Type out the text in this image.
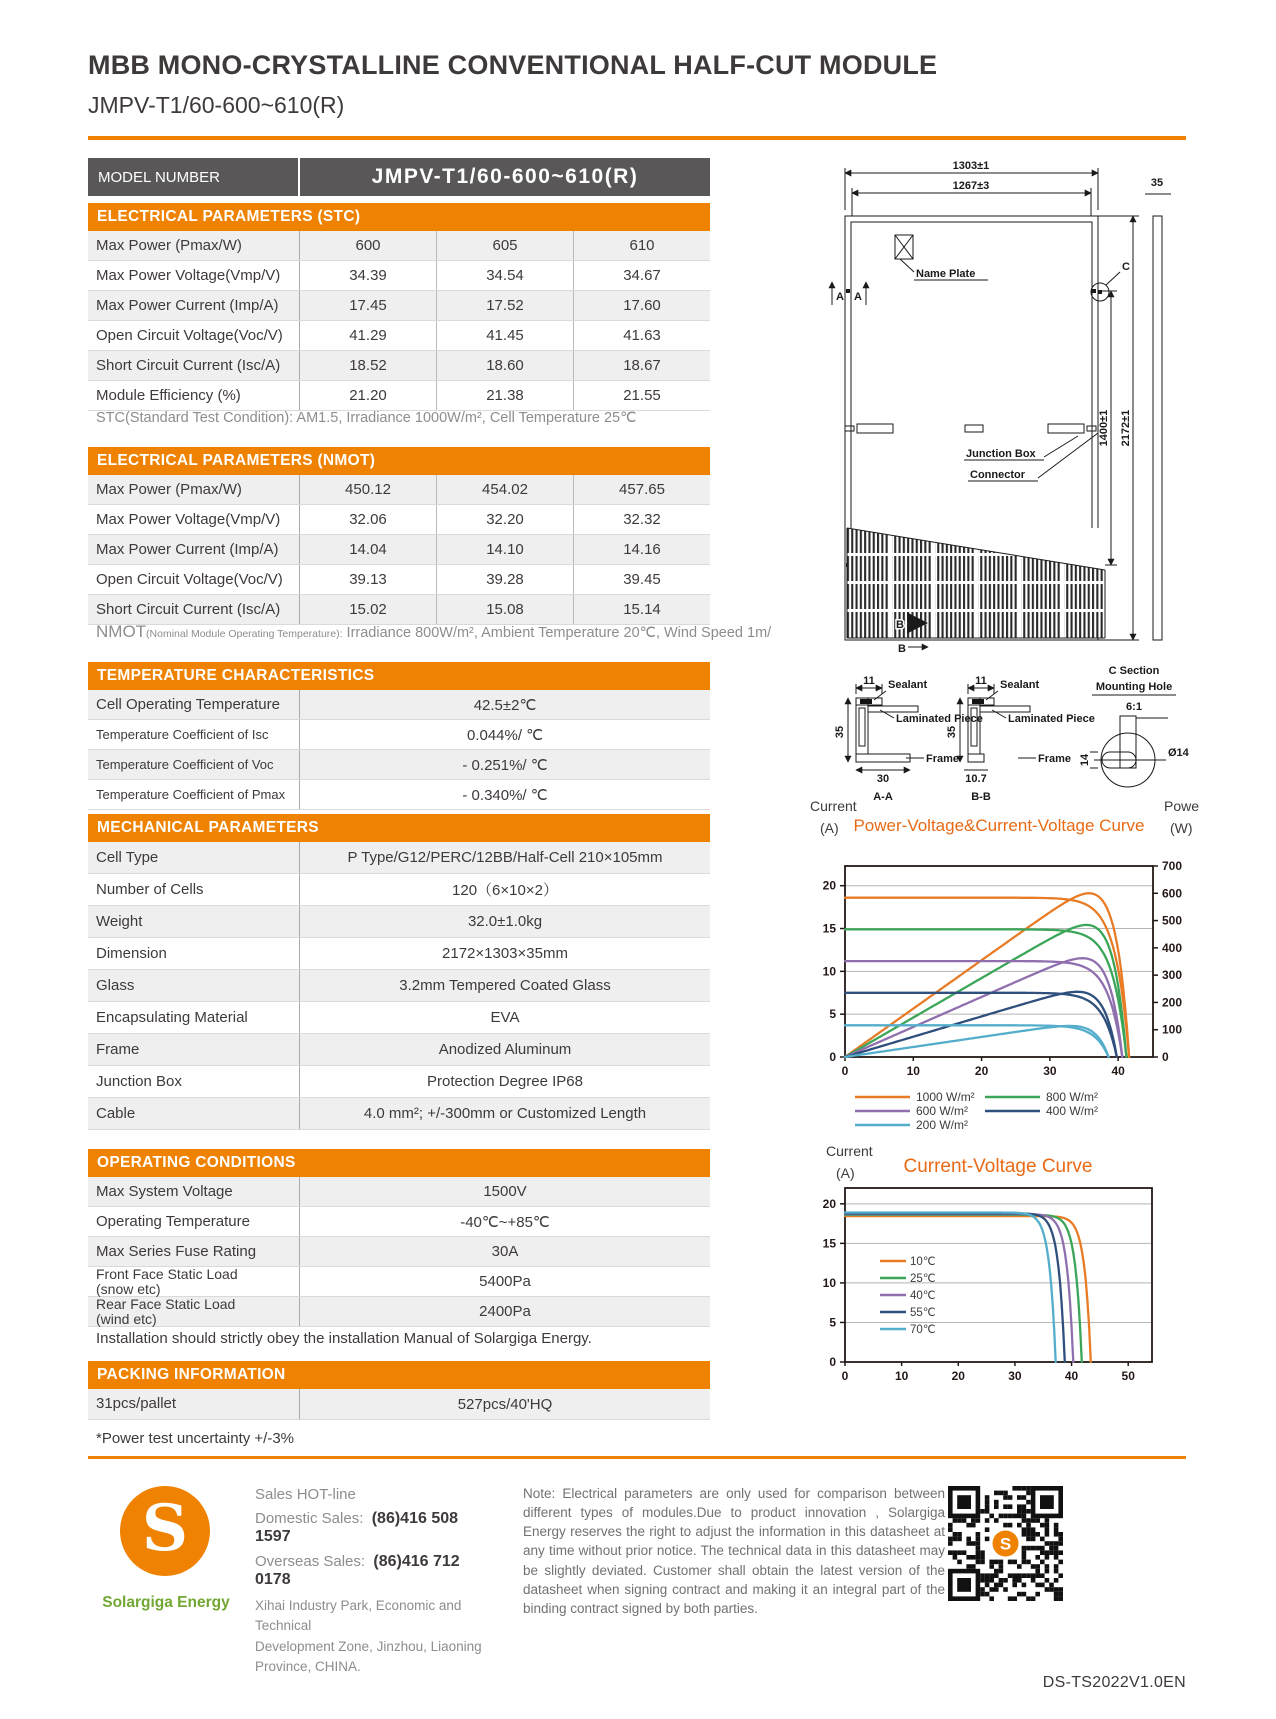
MBB MONO-CRYSTALLINE CONVENTIONAL HALF-CUT MODULE
JMPV-T1/60-600~610(R)
MODEL NUMBER	JMPV-T1/60-600~610(R)
ELECTRICAL PARAMETERS (STC)
Max Power (Pmax/W)	600	605	610
Max Power Voltage(Vmp/V)	34.39	34.54	34.67
Max Power Current (Imp/A)	17.45	17.52	17.60
Open Circuit Voltage(Voc/V)	41.29	41.45	41.63
Short Circuit Current (Isc/A)	18.52	18.60	18.67
Module Efficiency (%)	21.20	21.38	21.55
STC(Standard Test Condition): AM1.5, Irradiance 1000W/m², Cell Temperature 25℃
ELECTRICAL PARAMETERS (NMOT)
Max Power (Pmax/W)	450.12	454.02	457.65
Max Power Voltage(Vmp/V)	32.06	32.20	32.32
Max Power Current (Imp/A)	14.04	14.10	14.16
Open Circuit Voltage(Voc/V)	39.13	39.28	39.45
Short Circuit Current (Isc/A)	15.02	15.08	15.14
NMOT(Nominal Module Operating Temperature): Irradiance 800W/m², Ambient Temperature 20℃, Wind Speed 1m/
TEMPERATURE CHARACTERISTICS
Cell Operating Temperature	42.5±2℃
Temperature Coefficient of Isc	0.044%/ ℃
Temperature Coefficient of Voc	- 0.251%/ ℃
Temperature Coefficient of Pmax	- 0.340%/ ℃
MECHANICAL PARAMETERS
Cell Type	P Type/G12/PERC/12BB/Half-Cell 210×105mm
Number of Cells	120（6×10×2）
Weight	32.0±1.0kg
Dimension	2172×1303×35mm
Glass	3.2mm Tempered Coated Glass
Encapsulating Material	EVA
Frame	Anodized Aluminum
Junction Box	Protection Degree IP68
Cable	4.0 mm²; +/-300mm or Customized Length
OPERATING CONDITIONS
Max System Voltage	1500V
Operating Temperature	-40℃~+85℃
Max Series Fuse Rating	30A
Front Face Static Load
(snow etc)	5400Pa
Rear Face Static Load
(wind etc)	2400Pa
Installation should strictly obey the installation Manual of Solargiga Energy.
PACKING INFORMATION
31pcs/pallet	527pcs/40'HQ
*Power test uncertainty +/-3%
1303±1
1267±3	35
1400±1 2172±1
Name Plate
A A
C
Junction Box
Connector
B
B
11
35
30
A-A
Sealant
Laminated Piece
Frame
11
35
10.7
B-B
Sealant
Laminated Piece
Frame
C Section
Mounting Hole
6:1
14
Ø14
Current
(A) Power-Voltage&Current-Voltage Curve
Power
(W)
0
5
10
15
20
0
100
200
300
400
500
600
700
0	10	20	30	40
1000 W/m²	800 W/m²
600 W/m²	400 W/m²
200 W/m²
Current
(A)	Current-Voltage Curve
0
5
10
15
20
0	10	20	30	40	50
10℃
25℃
40℃
55℃
70℃
S
Solargiga Energy
Sales HOT-line
Domestic Sales: (86)416 508 1597
Overseas Sales: (86)416 712 0178
Xihai Industry Park, Economic and Technical
Development Zone, Jinzhou, Liaoning
Province, CHINA.
Note: Electrical parameters are only used for comparison between different types of modules.Due to product innovation , Solargiga Energy reserves the right to adjust the information in this datasheet at any time without prior notice. The technical data in this datasheet may be slightly deviated. Customer shall obtain the latest version of the datasheet when signing contract and making it an integral part of the binding contract signed by both parties.
S
DS-TS2022V1.0EN
